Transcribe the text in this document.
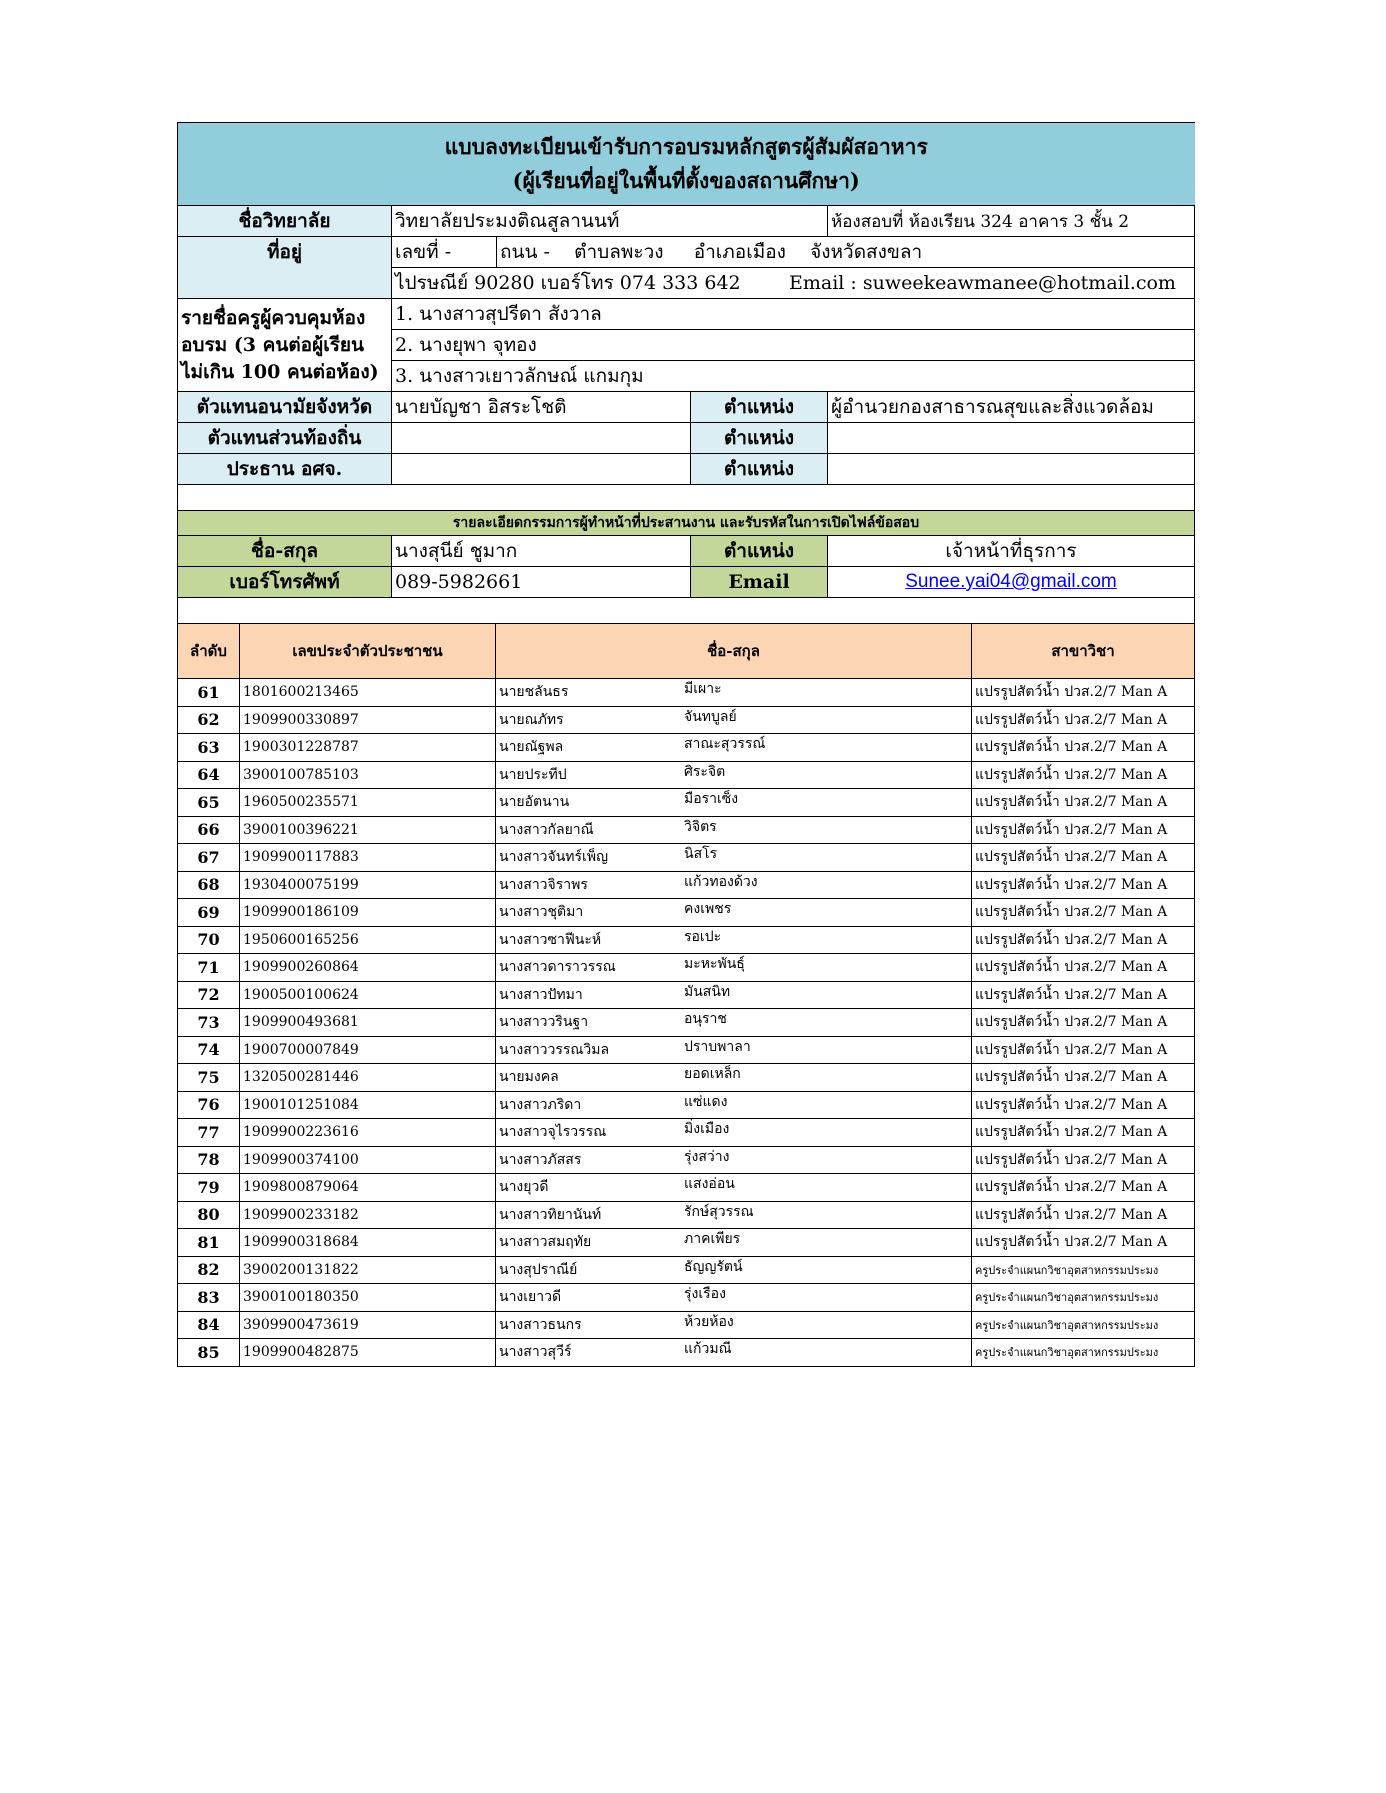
แบบลงทะเบียนเข้ารับการอบรมหลักสูตรผู้สัมผัสอาหาร
(ผู้เรียนที่อยู่ในพื้นที่ตั้งของสถานศึกษา)				

ชื่อวิทยาลัย	วิทยาลัยประมงติณสูลานนท์			ห้องสอบที่ ห้องเรียน 324 อาคาร 3 ชั้น 2
ที่อยู่	เลขที่ -	ถนน - ตำบลพะวง     อำเภอเมือง    จังหวัดสงขลา		
	ไปรษณีย์ 90280 เบอร์โทร 074 333 642 Email : suweekeawmanee@hotmail.com			

รายชื่อครูผู้ควบคุมห้อง
อบรม (3 คนต่อผู้เรียน
ไม่เกิน 100 คนต่อห้อง)	1. นางสาวสุปรีดา สังวาล			
	2. นางยุพา จุทอง			
	3. นางสาวเยาวลักษณ์ แกมกุม			
ตัวแทนอนามัยจังหวัด	นายบัญชา อิสระโชติ		ตำแหน่ง	ผู้อำนวยกองสาธารณสุขและสิ่งแวดล้อม
ตัวแทนส่วนท้องถิ่น			ตำแหน่ง	
ประธาน อศจ.			ตำแหน่ง	

รายละเอียดกรรมการผู้ทำหน้าที่ประสานงาน และรับรหัสในการเปิดไฟล์ข้อสอบ				
ชื่อ-สกุล	นางสุนีย์ ชูมาก		ตำแหน่ง	เจ้าหน้าที่ธุรการ
เบอร์โทรศัพท์	089-5982661		Email	Sunee.yai04@gmail.com

ลำดับ	เลขประจำตัวประชาชน	ชื่อ-สกุล	สาขาวิชา
61	1801600213465	นายชลันธร มีเผาะ	แปรรูปสัตว์น้ำ ปวส.2/7 Man A
62	1909900330897	นายณภัทร จันทบูลย์	แปรรูปสัตว์น้ำ ปวส.2/7 Man A
63	1900301228787	นายณัฐพล สาณะสุวรรณ์	แปรรูปสัตว์น้ำ ปวส.2/7 Man A
64	3900100785103	นายประทีป ศิระจิต	แปรรูปสัตว์น้ำ ปวส.2/7 Man A
65	1960500235571	นายอัตนาน มือราเซ็ง	แปรรูปสัตว์น้ำ ปวส.2/7 Man A
66	3900100396221	นางสาวกัลยาณี วิจิตร	แปรรูปสัตว์น้ำ ปวส.2/7 Man A
67	1909900117883	นางสาวจันทร์เพ็ญ นิสโร	แปรรูปสัตว์น้ำ ปวส.2/7 Man A
68	1930400075199	นางสาวจิราพร แก้วทองด้วง	แปรรูปสัตว์น้ำ ปวส.2/7 Man A
69	1909900186109	นางสาวชุติมา คงเพชร	แปรรูปสัตว์น้ำ ปวส.2/7 Man A
70	1950600165256	นางสาวซาฟีนะห์ รอเปะ	แปรรูปสัตว์น้ำ ปวส.2/7 Man A
71	1909900260864	นางสาวดาราวรรณ มะหะพันธุ์	แปรรูปสัตว์น้ำ ปวส.2/7 Man A
72	1900500100624	นางสาวปัทมา มันสนิท	แปรรูปสัตว์น้ำ ปวส.2/7 Man A
73	1909900493681	นางสาววรินฐา อนุราช	แปรรูปสัตว์น้ำ ปวส.2/7 Man A
74	1900700007849	นางสาววรรณวิมล ปราบพาลา	แปรรูปสัตว์น้ำ ปวส.2/7 Man A
75	1320500281446	นายมงคล ยอดเหล็ก	แปรรูปสัตว์น้ำ ปวส.2/7 Man A
76	1900101251084	นางสาวภริดา แซ่แดง	แปรรูปสัตว์น้ำ ปวส.2/7 Man A
77	1909900223616	นางสาวจุไรวรรณ มิ่งเมือง	แปรรูปสัตว์น้ำ ปวส.2/7 Man A
78	1909900374100	นางสาวภัสสร รุ่งสว่าง	แปรรูปสัตว์น้ำ ปวส.2/7 Man A
79	1909800879064	นางยุวดี แสงอ่อน	แปรรูปสัตว์น้ำ ปวส.2/7 Man A
80	1909900233182	นางสาวทิยานันท์ รักษ์สุวรรณ	แปรรูปสัตว์น้ำ ปวส.2/7 Man A
81	1909900318684	นางสาวสมฤทัย ภาคเพียร	แปรรูปสัตว์น้ำ ปวส.2/7 Man A
82	3900200131822	นางสุปราณีย์ ธัญญรัตน์	ครูประจำแผนกวิชาอุตสาหกรรมประมง
83	3900100180350	นางเยาวดี รุ่งเรือง	ครูประจำแผนกวิชาอุตสาหกรรมประมง
84	3909900473619	นางสาวธนกร ห้วยห้อง	ครูประจำแผนกวิชาอุตสาหกรรมประมง
85	1909900482875	นางสาวสุวีร์ แก้วมณี	ครูประจำแผนกวิชาอุตสาหกรรมประมง
